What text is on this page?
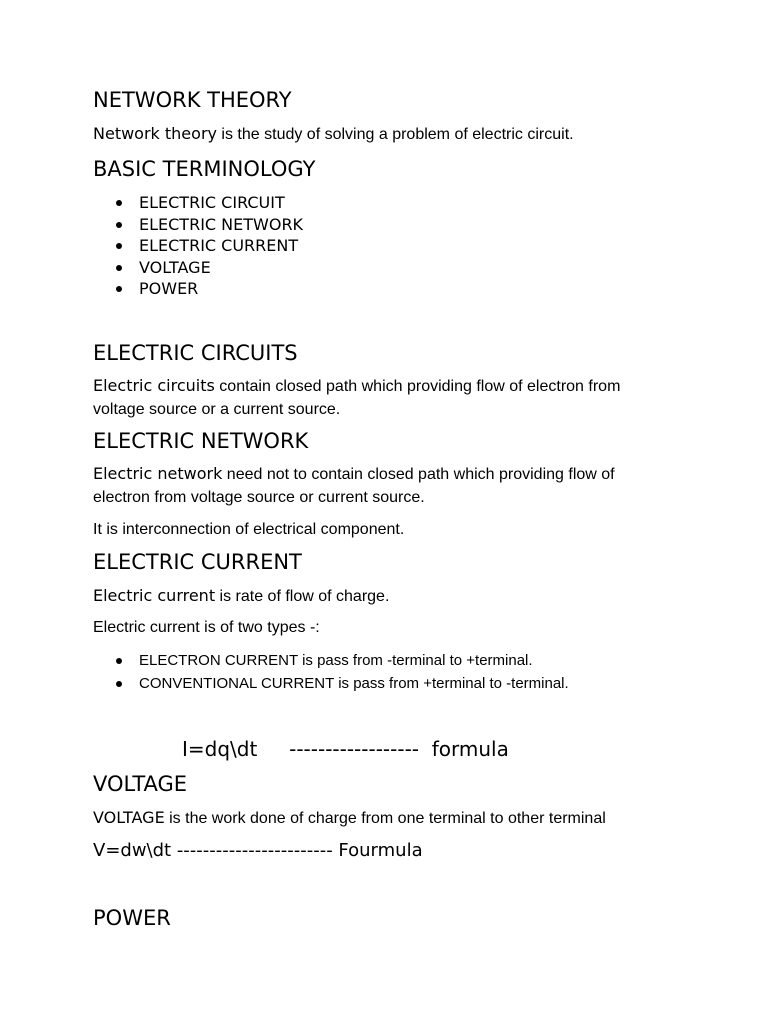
NETWORK THEORY
Network theory is the study of solving a problem of electric circuit.
BASIC TERMINOLOGY
ELECTRIC CIRCUIT
ELECTRIC NETWORK
ELECTRIC CURRENT
VOLTAGE
POWER
ELECTRIC CIRCUITS
Electric circuits contain closed path which providing flow of electron from
voltage source or a current source.
ELECTRIC NETWORK
Electric network need not to contain closed path which providing flow of
electron from voltage source or current source.
It is interconnection of electrical component.
ELECTRIC CURRENT
Electric current is rate of flow of charge.
Electric current is of two types -:
ELECTRON CURRENT is pass from -terminal to +terminal.
CONVENTIONAL CURRENT is pass from +terminal to -terminal.
I=dq\dt     ------------------  formula
VOLTAGE
VOLTAGE is the work done of charge from one terminal to other terminal
V=dw\dt ------------------------ Fourmula
POWER
